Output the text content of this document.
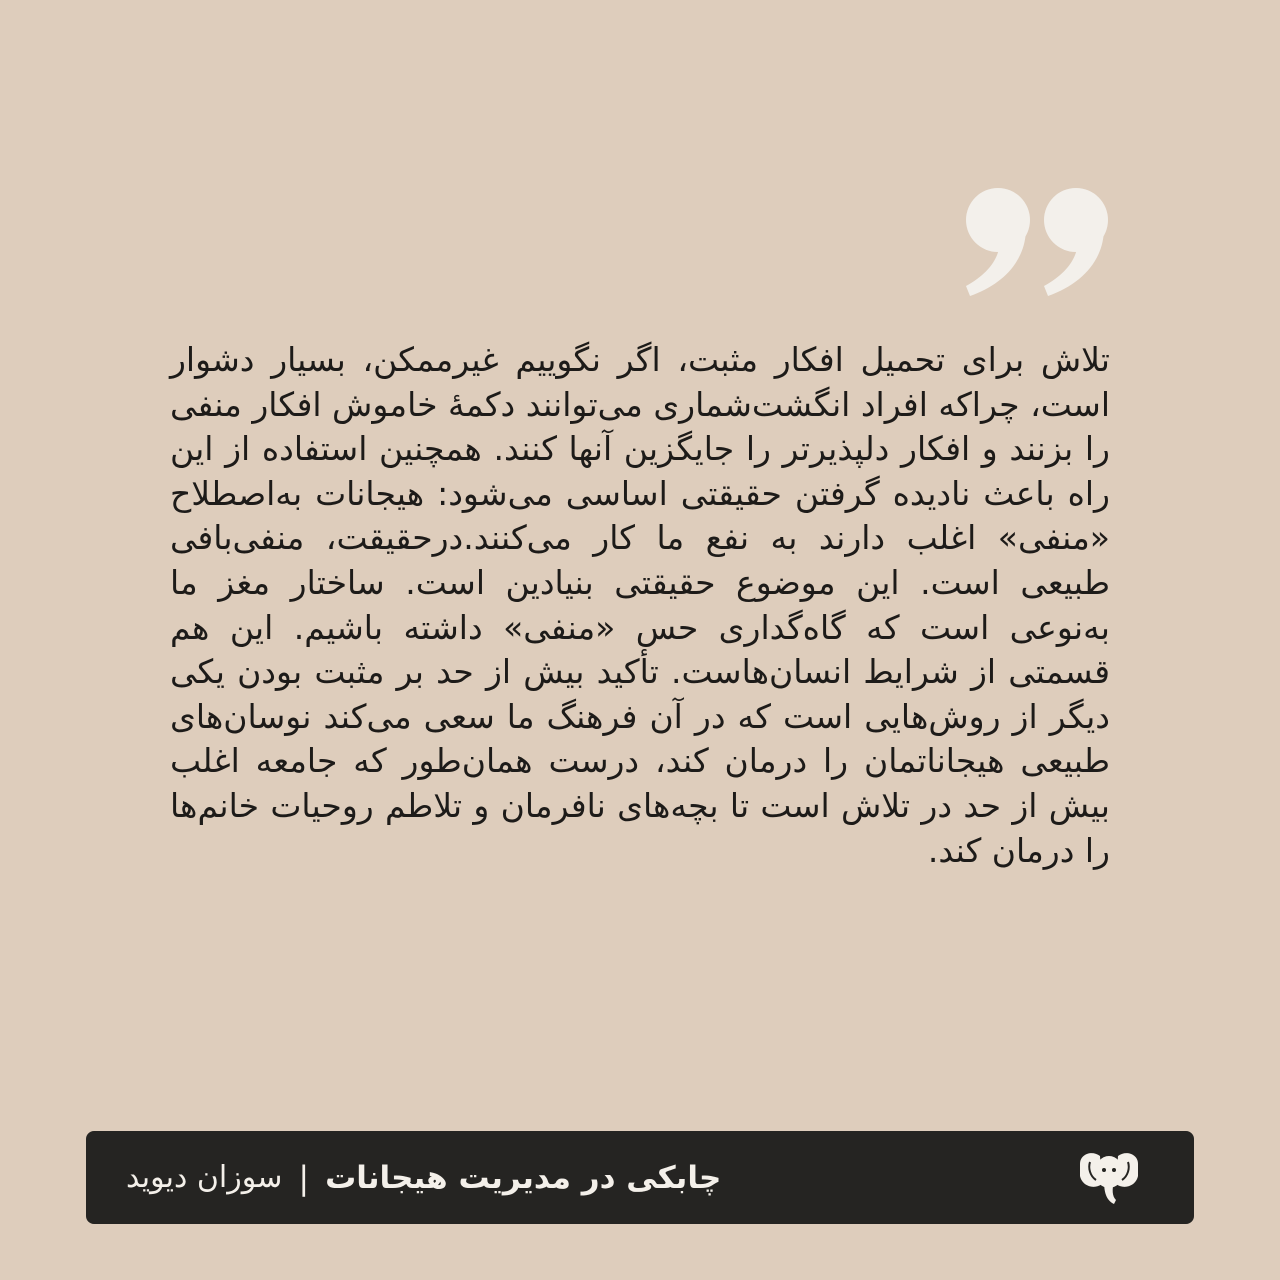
تلاش برای تحمیل افکار مثبت، اگر نگوییم غیرممکن، بسیار دشوار است، چراکه افراد انگشت‌شماری می‌توانند دکمهٔ خاموش افکار منفی را بزنند و افکار دلپذیرتر را جایگزین آنها کنند. همچنین استفاده از این راه باعث نادیده گرفتن حقیقتی اساسی می‌شود: هیجانات به‌اصطلاح «منفی» اغلب دارند به نفع ما کار می‌کنند.درحقیقت، منفی‌بافی طبیعی است. این موضوع حقیقتی بنیادین است. ساختار مغز ما به‌نوعی است که گاه‌گداری حس «منفی» داشته باشیم. این هم قسمتی از شرایط انسان‌هاست. تأکید بیش از حد بر مثبت بودن یکی دیگر از روش‌هایی است که در آن فرهنگ ما سعی می‌کند نوسان‌های طبیعی هیجاناتمان را درمان کند، درست همان‌طور که جامعه اغلب بیش از حد در تلاش است تا بچه‌های نافرمان و تلاطم روحیات خانم‌ها را درمان کند.

چابکی در مدیریت هیجانات
|
سوزان دیوید
